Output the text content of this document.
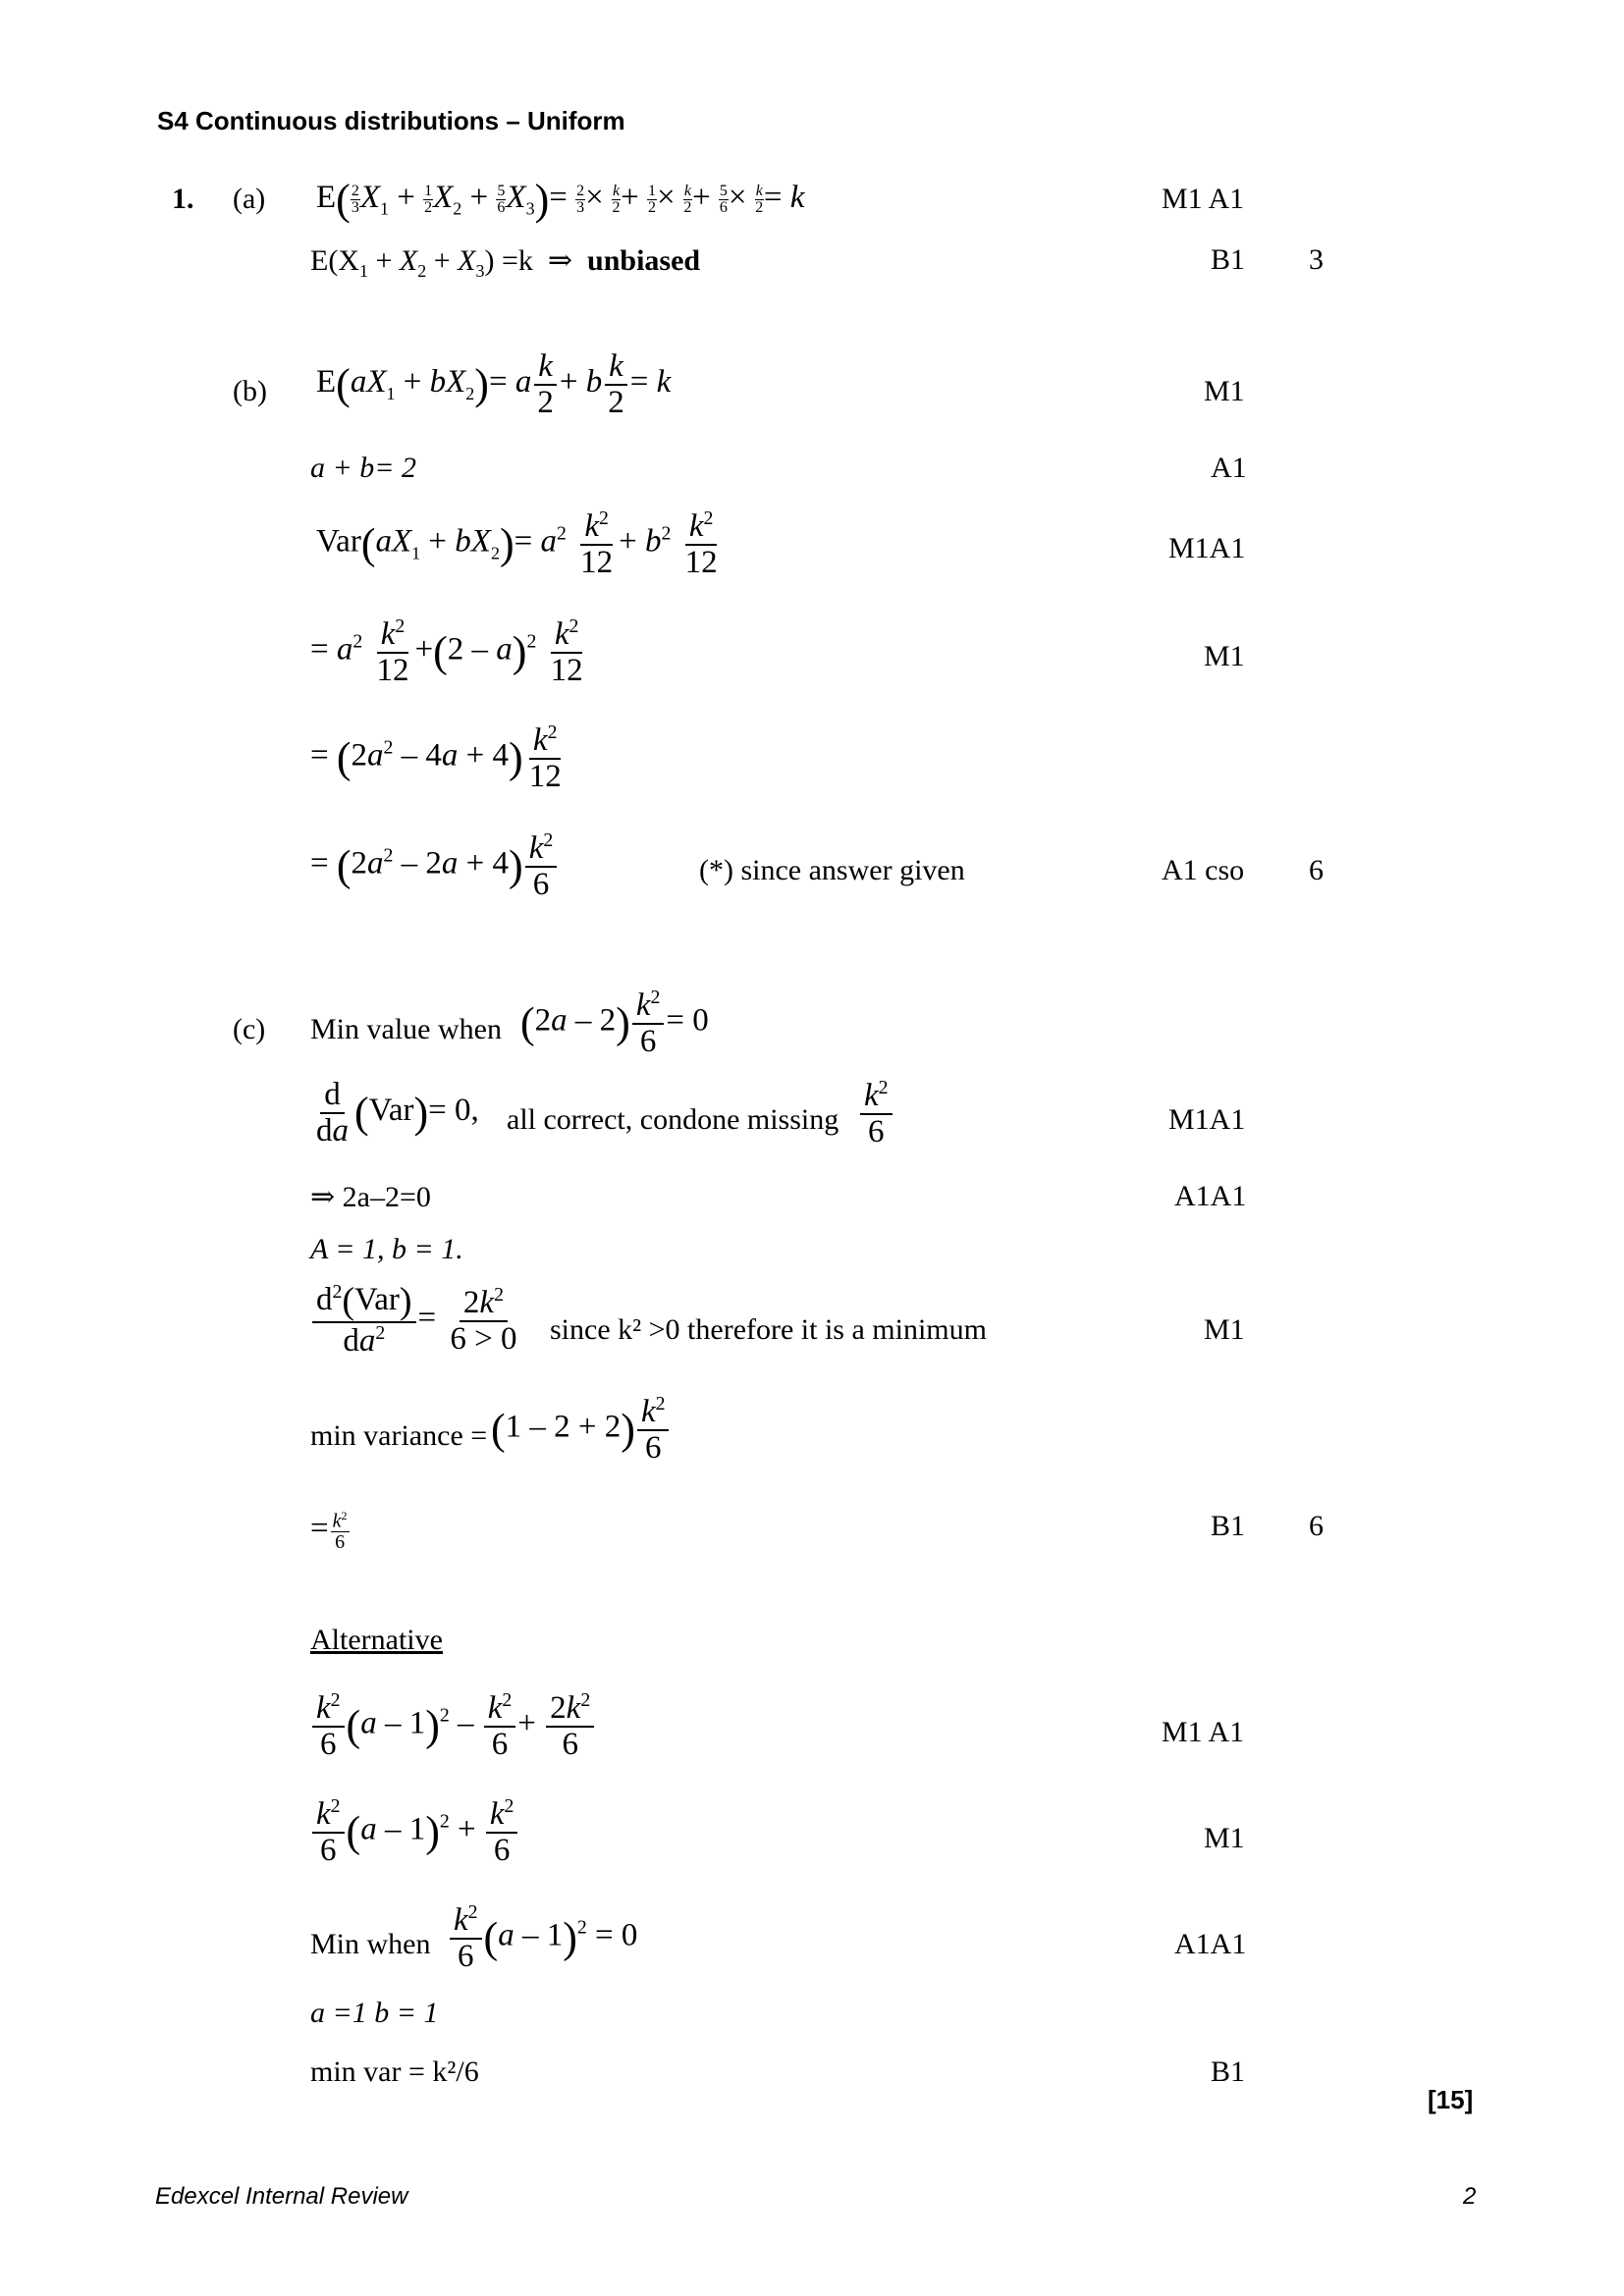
S4 Continuous distributions – Uniform
1. (a) $E( \frac{2}{3} X_1 + \frac{1}{2} X_2 + \frac{5}{6} X_3)= \frac{2}{3} \times \frac{k}{2} + \frac{1}{2} \times \frac{k}{2} + \frac{5}{6} \times \frac{k}{2} = k$	M1 A1
$E(X_1 + X_2 + X_3) =k$  ⇒  unbiased	B1 3
(b) $E(aX_1 + bX_2)= a \frac{k}{2} + b \frac{k}{2} = k$	M1
a + b= 2	A1
$Var(aX_1 + bX_2)= a^2 \frac{k^2}{12} + b^2 \frac{k^2}{12}$	M1A1
= $a^2 \frac{k^2}{12} +(2 - a)^2 \frac{k^2}{12}$	M1
= $(2a^2 - 4a + 4) \frac{k^2}{12}$
= $(2a^2 - 2a + 4) \frac{k^2}{6}$	(*) since answer given	A1 cso 6
(c) Min value when $(2a - 2) \frac{k^2}{6} = 0$
$\frac{d}{da} (Var)= 0$, all correct, condone missing $\frac{k^2}{6}$	M1A1
⇒ 2a–2=0	A1A1
A = 1, b = 1.
$\frac{d^2(Var)}{da^2} = \frac{2k^2}{6 > 0}$ since k² >0 therefore it is a minimum	M1
min variance = $(1 - 2 + 2) \frac{k^2}{6}$
= $\frac{k^2}{6}$	B1 6
Alternative
$\frac{k^2}{6} (a - 1)^2 - \frac{k^2}{6} + \frac{2k^2}{6}$	M1 A1
$\frac{k^2}{6} (a - 1)^2 + \frac{k^2}{6}$	M1
Min when $\frac{k^2}{6} (a - 1)^2 = 0$	A1A1
a =1 b = 1
min var = k²/6	B1
[15]
Edexcel Internal Review	2
